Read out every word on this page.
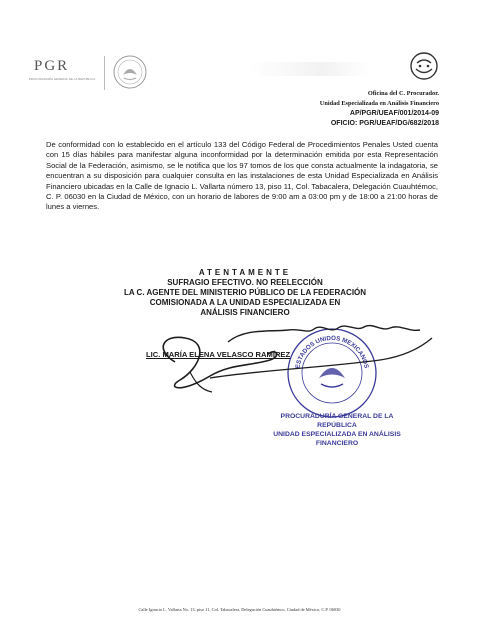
PGR
PROCURADURÍA GENERAL DE LA REPÚBLICA
Oficina del C. Procurador.
Unidad Especializada en Análisis Financiero
AP/PGR/UEAF/001/2014-09
OFICIO: PGR/UEAF/DG/682/2018
De conformidad con lo establecido en el artículo 133 del Código Federal de Procedimientos Penales Usted cuenta con 15 días hábiles para manifestar alguna inconformidad por la determinación emitida por esta Representación Social de la Federación, asimismo, se le notifica que los 97 tomos de los que consta actualmente la indagatoria, se encuentran a su disposición para cualquier consulta en las instalaciones de esta Unidad Especializada en Análisis Financiero ubicadas en la Calle de Ignacio L. Vallarta número 13, piso 11, Col. Tabacalera, Delegación Cuauhtémoc, C. P. 06030 en la Ciudad de México, con un horario de labores de 9:00 am a 03:00 pm y de 18:00 a 21:00 horas de lunes a viernes.
ATENTAMENTE
SUFRAGIO EFECTIVO. NO REELECCIÓN
LA C. AGENTE DEL MINISTERIO PÚBLICO DE LA FEDERACIÓN
COMISIONADA A LA UNIDAD ESPECIALIZADA EN
ANÁLISIS FINANCIERO
ESTADOS UNIDOS MEXICANOS
LIC. MARÍA ELENA VELASCO RAMÍREZ
PROCURADURÍA GENERAL DE LA
REPÚBLICA
UNIDAD ESPECIALIZADA EN ANÁLISIS
FINANCIERO
Calle Ignacio L. Vallarta No. 13, piso 11, Col. Tabacalera, Delegación Cuauhtémoc, Ciudad de México, C.P. 06030
